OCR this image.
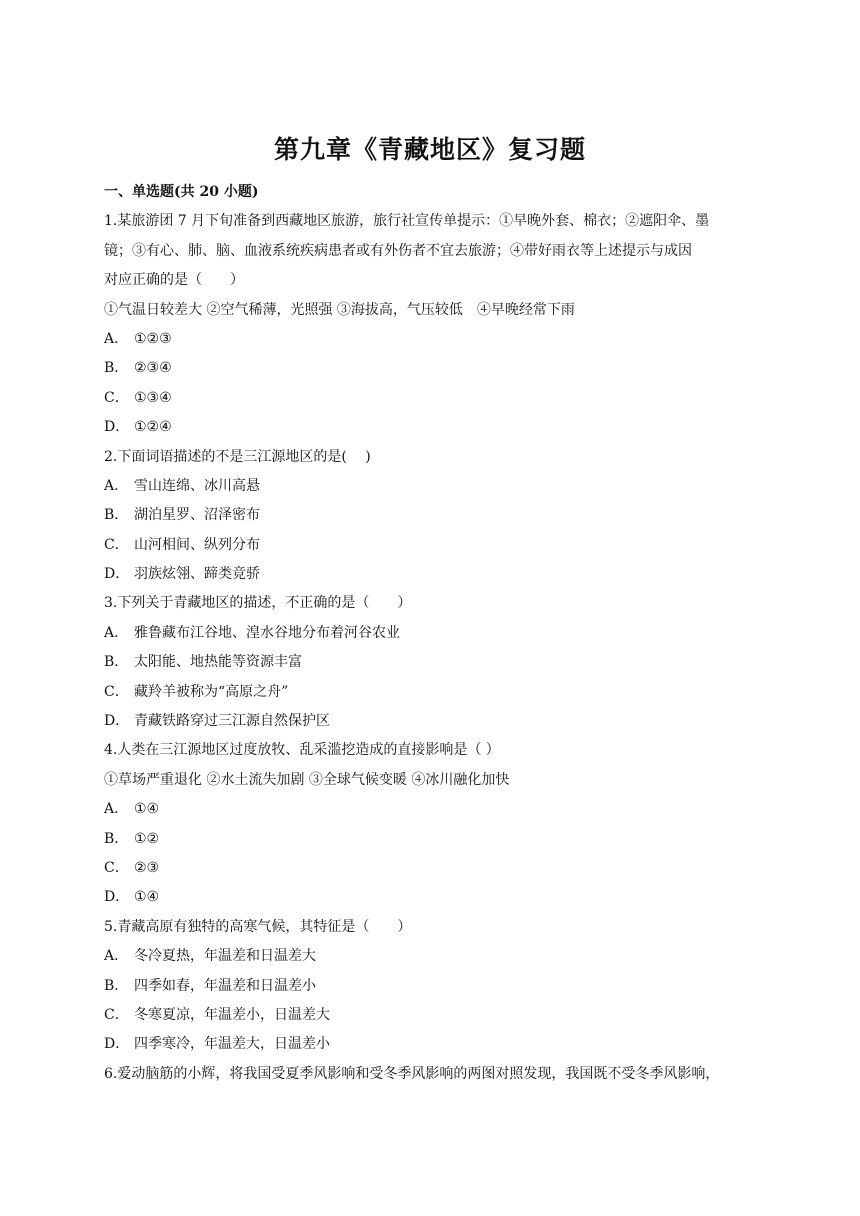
第九章《青藏地区》复习题
一、单选题(共 20 小题)
1.某旅游团 7 月下旬准备到西藏地区旅游，旅行社宣传单提示：①早晚外套、棉衣；②遮阳伞、墨
镜；③有心、肺、脑、血液系统疾病患者或有外伤者不宜去旅游；④带好雨衣等上述提示与成因
对应正确的是（　　）
①气温日较差大 ②空气稀薄，光照强 ③海拔高，气压较低　④早晚经常下雨
A． ①②③
B． ②③④
C． ①③④
D． ①②④
2.下面词语描述的不是三江源地区的是(　 )
A． 雪山连绵、冰川高悬
B． 湖泊星罗、沼泽密布
C． 山河相间、纵列分布
D． 羽族炫翎、蹄类竞骄
3.下列关于青藏地区的描述，不正确的是（　　）
A． 雅鲁藏布江谷地、湟水谷地分布着河谷农业
B． 太阳能、地热能等资源丰富
C． 藏羚羊被称为“高原之舟”
D． 青藏铁路穿过三江源自然保护区
4.人类在三江源地区过度放牧、乱采滥挖造成的直接影响是（ ）
①草场严重退化 ②水土流失加剧 ③全球气候变暖 ④冰川融化加快
A． ①④
B． ①②
C． ②③
D． ①④
5.青藏高原有独特的高寒气候，其特征是（　　）
A． 冬冷夏热，年温差和日温差大
B． 四季如春，年温差和日温差小
C． 冬寒夏凉，年温差小，日温差大
D． 四季寒冷，年温差大，日温差小
6.爱动脑筋的小辉，将我国受夏季风影响和受冬季风影响的两图对照发现，我国既不受冬季风影响，
